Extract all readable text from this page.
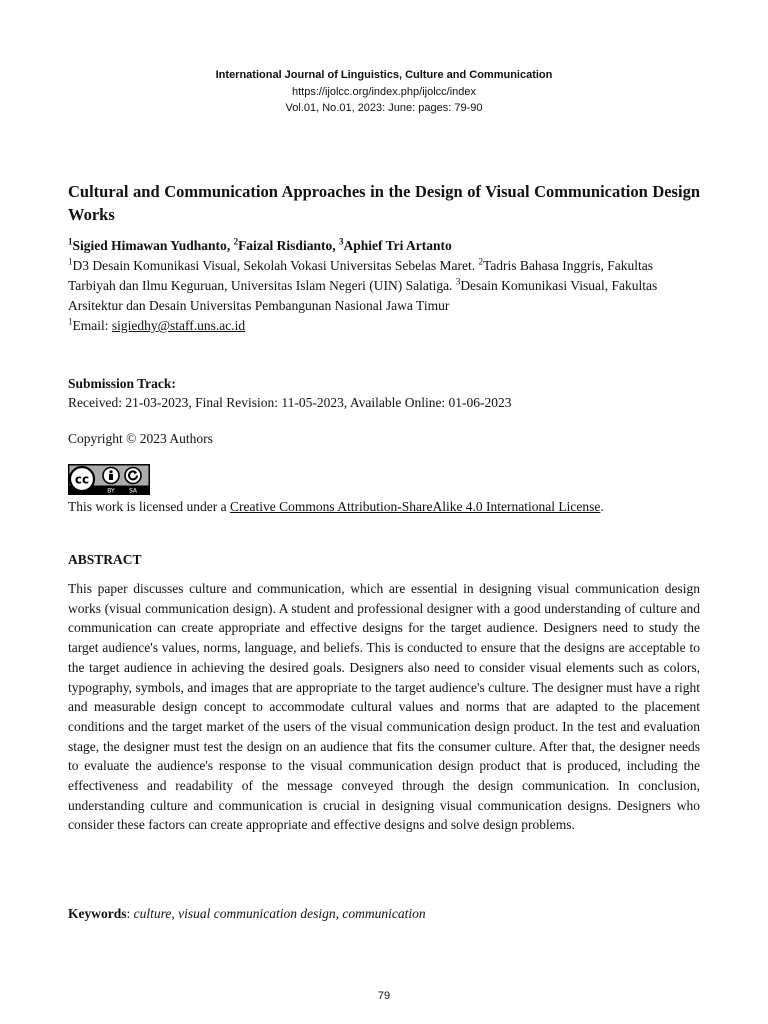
International Journal of Linguistics, Culture and Communication
https://ijolcc.org/index.php/ijolcc/index
Vol.01, No.01, 2023: June: pages: 79-90
Cultural and Communication Approaches in the Design of Visual Communication Design Works
$^1$Sigied Himawan Yudhanto, $^2$Faizal Risdianto, $^3$Aphief Tri Artanto
$^1$D3 Desain Komunikasi Visual, Sekolah Vokasi Universitas Sebelas Maret. $^2$Tadris Bahasa Inggris, Fakultas Tarbiyah dan Ilmu Keguruan, Universitas Islam Negeri (UIN) Salatiga. $^3$Desain Komunikasi Visual, Fakultas Arsitektur dan Desain Universitas Pembangunan Nasional Jawa Timur
$^1$Email: sigiedhy@staff.uns.ac.id
Submission Track:
Received: 21-03-2023, Final Revision: 11-05-2023, Available Online: 01-06-2023
Copyright © 2023 Authors
cc
BY SA
This work is licensed under a Creative Commons Attribution-ShareAlike 4.0 International License.
ABSTRACT
This paper discusses culture and communication, which are essential in designing visual communication design works (visual communication design). A student and professional designer with a good understanding of culture and communication can create appropriate and effective designs for the target audience. Designers need to study the target audience's values, norms, language, and beliefs. This is conducted to ensure that the designs are acceptable to the target audience in achieving the desired goals. Designers also need to consider visual elements such as colors, typography, symbols, and images that are appropriate to the target audience's culture. The designer must have a right and measurable design concept to accommodate cultural values and norms that are adapted to the placement conditions and the target market of the users of the visual communication design product. In the test and evaluation stage, the designer must test the design on an audience that fits the consumer culture. After that, the designer needs to evaluate the audience's response to the visual communication design product that is produced, including the effectiveness and readability of the message conveyed through the design communication. In conclusion, understanding culture and communication is crucial in designing visual communication designs. Designers who consider these factors can create appropriate and effective designs and solve design problems.
Keywords: culture, visual communication design, communication
79
